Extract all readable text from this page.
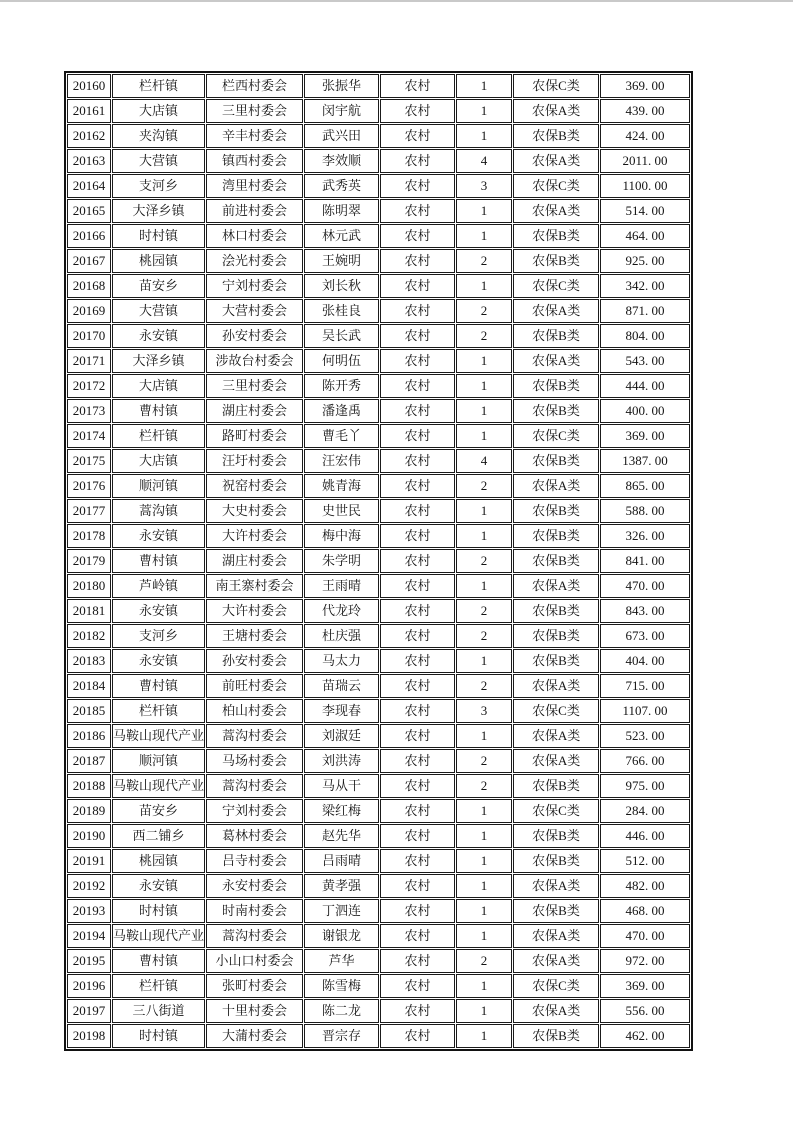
20160	栏杆镇	栏西村委会	张振华	农村	1	农保C类	369. 00

20161	大店镇	三里村委会	闵宇航	农村	1	农保A类	439. 00

20162	夹沟镇	辛丰村委会	武兴田	农村	1	农保B类	424. 00

20163	大营镇	镇西村委会	李效顺	农村	4	农保A类	2011. 00

20164	支河乡	湾里村委会	武秀英	农村	3	农保C类	1100. 00

20165	大泽乡镇	前进村委会	陈明翠	农村	1	农保A类	514. 00

20166	时村镇	林口村委会	林元武	农村	1	农保B类	464. 00

20167	桃园镇	浍光村委会	王婉明	农村	2	农保B类	925. 00

20168	苗安乡	宁刘村委会	刘长秋	农村	1	农保C类	342. 00

20169	大营镇	大营村委会	张桂良	农村	2	农保A类	871. 00

20170	永安镇	孙安村委会	吴长武	农村	2	农保B类	804. 00

20171	大泽乡镇	涉故台村委会	何明伍	农村	1	农保A类	543. 00

20172	大店镇	三里村委会	陈开秀	农村	1	农保B类	444. 00

20173	曹村镇	湖庄村委会	潘逢禹	农村	1	农保B类	400. 00

20174	栏杆镇	路町村委会	曹毛丫	农村	1	农保C类	369. 00

20175	大店镇	汪圩村委会	汪宏伟	农村	4	农保B类	1387. 00

20176	顺河镇	祝窑村委会	姚青海	农村	2	农保A类	865. 00

20177	蒿沟镇	大史村委会	史世民	农村	1	农保B类	588. 00

20178	永安镇	大许村委会	梅中海	农村	1	农保B类	326. 00

20179	曹村镇	湖庄村委会	朱学明	农村	2	农保B类	841. 00

20180	芦岭镇	南王寨村委会	王雨晴	农村	1	农保A类	470. 00

20181	永安镇	大许村委会	代龙玲	农村	2	农保B类	843. 00

20182	支河乡	王塘村委会	杜庆强	农村	2	农保B类	673. 00

20183	永安镇	孙安村委会	马太力	农村	1	农保B类	404. 00

20184	曹村镇	前旺村委会	苗瑞云	农村	2	农保A类	715. 00

20185	栏杆镇	柏山村委会	李现春	农村	3	农保C类	1107. 00

20186	马鞍山现代产业	蒿沟村委会	刘淑廷	农村	1	农保A类	523. 00

20187	顺河镇	马场村委会	刘洪涛	农村	2	农保A类	766. 00

20188	马鞍山现代产业	蒿沟村委会	马从干	农村	2	农保B类	975. 00

20189	苗安乡	宁刘村委会	梁红梅	农村	1	农保C类	284. 00

20190	西二铺乡	葛林村委会	赵先华	农村	1	农保B类	446. 00

20191	桃园镇	吕寺村委会	吕雨晴	农村	1	农保B类	512. 00

20192	永安镇	永安村委会	黄孝强	农村	1	农保A类	482. 00

20193	时村镇	时南村委会	丁泗连	农村	1	农保B类	468. 00

20194	马鞍山现代产业	蒿沟村委会	谢银龙	农村	1	农保A类	470. 00

20195	曹村镇	小山口村委会	芦华	农村	2	农保A类	972. 00

20196	栏杆镇	张町村委会	陈雪梅	农村	1	农保C类	369. 00

20197	三八街道	十里村委会	陈二龙	农村	1	农保A类	556. 00

20198	时村镇	大蒲村委会	晋宗存	农村	1	农保B类	462. 00
